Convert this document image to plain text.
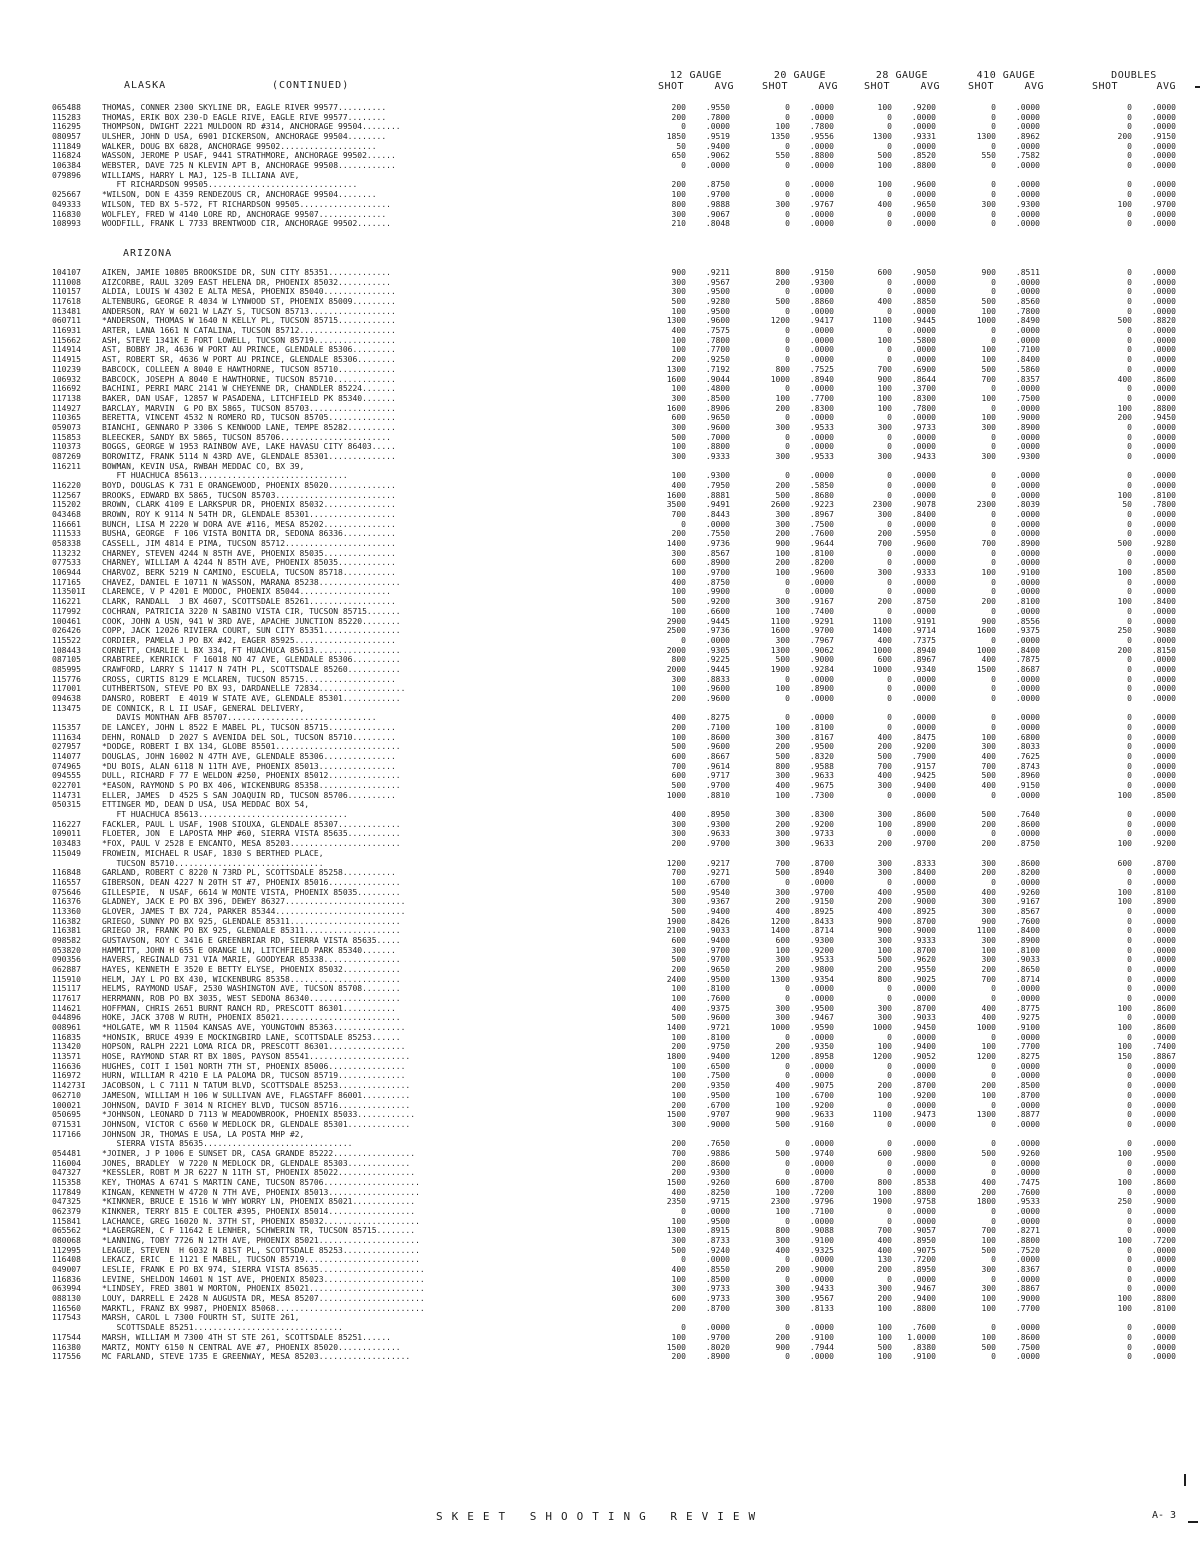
ALASKA	(CONTINUED)
12 GAUGE
SHOT	AVG
20 GAUGE
SHOT	AVG
28 GAUGE
SHOT	AVG
410 GAUGE
SHOT	AVG
DOUBLES
SHOT	AVG
065488	THOMAS, CONNER 2300 SKYLINE DR, EAGLE RIVER 99577..........	200	.9550	0	.0000	100	.9200	0	.0000	0	.0000
115283	THOMAS, ERIK BOX 230-D EAGLE RIVE, EAGLE RIVE 99577........	200	.7800	0	.0000	0	.0000	0	.0000	0	.0000
116295	THOMPSON, DWIGHT 2221 MULDOON RD #314, ANCHORAGE 99504........	0	.0000	100	.7800	0	.0000	0	.0000	0	.0000
080957	ULSHER, JOHN D USA, 6901 DICKERSON, ANCHORAGE 99504........	1850	.9519	1350	.9556	1300	.9331	1300	.8962	200	.9150
111849	WALKER, DOUG BX 6828, ANCHORAGE 99502....................	50	.9400	0	.0000	0	.0000	0	.0000	0	.0000
116824	WASSON, JEROME P USAF, 9441 STRATHMORE, ANCHORAGE 99502......	650	.9062	550	.8800	500	.8520	550	.7582	0	.0000
106384	WEBSTER, DAVE 725 N KLEVIN APT B, ANCHORAGE 99508............	0	.0000	0	.0000	100	.8800	0	.0000	0	.0000
079896	WILLIAMS, HARRY L MAJ, 125-B ILLIANA AVE,
FT RICHARDSON 99505...............................	200	.8750	0	.0000	100	.9600	0	.0000	0	.0000
025667	*WILSON, DON E 4359 RENDEZOUS CR, ANCHORAGE 99504........	100	.9700	0	.0000	0	.0000	0	.0000	0	.0000
049333	WILSON, TED BX 5-572, FT RICHARDSON 99505...................	800	.9888	300	.9767	400	.9650	300	.9300	100	.9700
116830	WOLFLEY, FRED W 4140 LORE RD, ANCHORAGE 99507..............	300	.9067	0	.0000	0	.0000	0	.0000	0	.0000
108993	WOODFILL, FRANK L 7733 BRENTWOOD CIR, ANCHORAGE 99502.......	210	.8048	0	.0000	0	.0000	0	.0000	0	.0000
ARIZONA
104107	AIKEN, JAMIE 10805 BROOKSIDE DR, SUN CITY 85351.............	900	.9211	800	.9150	600	.9050	900	.8511	0	.0000
111008	AIZCORBE, RAUL 3209 EAST HELENA DR, PHOENIX 85032...........	300	.9567	200	.9300	0	.0000	0	.0000	0	.0000
110157	ALDIA, LOUIS W 4302 E ALTA MESA, PHOENIX 85040...............	300	.9500	0	.0000	0	.0000	0	.0000	0	.0000
117618	ALTENBURG, GEORGE R 4034 W LYNWOOD ST, PHOENIX 85009.........	500	.9280	500	.8860	400	.8850	500	.8560	0	.0000
113481	ANDERSON, RAY W 6021 W LAZY S, TUCSON 85713..................	100	.9500	0	.0000	0	.0000	100	.7800	0	.0000
060711	*ANDERSON, THOMAS W 1640 N KELLY PL, TUCSON 85715............	1300	.9600	1200	.9417	1100	.9445	1000	.8490	500	.8820
116931	ARTER, LANA 1661 N CATALINA, TUCSON 85712....................	400	.7575	0	.0000	0	.0000	0	.0000	0	.0000
115662	ASH, STEVE 1341K E FORT LOWELL, TUCSON 85719.................	100	.7800	0	.0000	100	.5800	0	.0000	0	.0000
114914	AST, BOBBY JR, 4636 W PORT AU PRINCE, GLENDALE 85306.........	100	.7700	0	.0000	0	.0000	100	.7100	0	.0000
114915	AST, ROBERT SR, 4636 W PORT AU PRINCE, GLENDALE 85306........	200	.9250	0	.0000	0	.0000	100	.8400	0	.0000
110239	BABCOCK, COLLEEN A 8040 E HAWTHORNE, TUCSON 85710............	1300	.7192	800	.7525	700	.6900	500	.5860	0	.0000
106932	BABCOCK, JOSEPH A 8040 E HAWTHORNE, TUCSON 85710.............	1600	.9044	1000	.8940	900	.8644	700	.8357	400	.8600
116692	BACHINI, PERRI MARC 2141 W CHEYENNE DR, CHANDLER 85224.......	100	.4800	0	.0000	100	.3700	0	.0000	0	.0000
117138	BAKER, DAN USAF, 12857 W PASADENA, LITCHFIELD PK 85340.......	300	.8500	100	.7700	100	.8300	100	.7500	0	.0000
114927	BARCLAY, MARVIN  G PO BX 5865, TUCSON 85703..................	1600	.8906	200	.8300	100	.7800	0	.0000	100	.8800
110365	BERETTA, VINCENT 4532 N ROMERO RD, TUCSON 85705..............	600	.9650	0	.0000	0	.0000	100	.9000	200	.9450
059073	BIANCHI, GENNARO P 3306 S KENWOOD LANE, TEMPE 85282..........	300	.9600	300	.9533	300	.9733	300	.8900	0	.0000
115853	BLEECKER, SANDY BX 5865, TUCSON 85706.......................	500	.7000	0	.0000	0	.0000	0	.0000	0	.0000
110373	BOGGS, GEORGE W 1953 RAINBOW AVE, LAKE HAVASU CITY 86403.....	100	.8800	0	.0000	0	.0000	0	.0000	0	.0000
087269	BOROWITZ, FRANK 5114 N 43RD AVE, GLENDALE 85301..............	300	.9333	300	.9533	300	.9433	300	.9300	0	.0000
116211	BOWMAN, KEVIN USA, RWBAH MEDDAC CO, BX 39,
FT HUACHUCA 85613...............................	100	.9300	0	.0000	0	.0000	0	.0000	0	.0000
116220	BOYD, DOUGLAS K 731 E ORANGEWOOD, PHOENIX 85020..............	400	.7950	200	.5850	0	.0000	0	.0000	0	.0000
112567	BROOKS, EDWARD BX 5865, TUCSON 85703.........................	1600	.8881	500	.8680	0	.0000	0	.0000	100	.8100
115202	BROWN, CLARK 4109 E LARKSPUR DR, PHOENIX 85032...............	3500	.9491	2600	.9223	2300	.9078	2300	.8039	50	.7800
043468	BROWN, ROY K 9114 N 54TH DR, GLENDALE 85301..................	700	.8443	300	.8967	300	.8400	0	.0000	0	.0000
116661	BUNCH, LISA M 2220 W DORA AVE #116, MESA 85202...............	0	.0000	300	.7500	0	.0000	0	.0000	0	.0000
111533	BUSHA, GEORGE  F 106 VISTA BONITA DR, SEDONA 86336...........	200	.7550	200	.7600	200	.5950	0	.0000	0	.0000
058338	CASSELL, JIM 4814 E PIMA, TUCSON 85712.......................	1400	.9736	900	.9644	700	.9600	700	.8900	500	.9280
113232	CHARNEY, STEVEN 4244 N 85TH AVE, PHOENIX 85035...............	300	.8567	100	.8100	0	.0000	0	.0000	0	.0000
077533	CHARNEY, WILLIAM A 4244 N 85TH AVE, PHOENIX 85035............	600	.8900	200	.8200	0	.0000	0	.0000	0	.0000
106944	CHARVOZ, BERK 5219 N CAMINO, ESCUELA, TUCSON 85718...........	100	.9700	100	.9600	300	.9333	100	.9100	100	.8500
117165	CHAVEZ, DANIEL E 10711 N WASSON, MARANA 85238.................	400	.8750	0	.0000	0	.0000	0	.0000	0	.0000
113501I	CLARENCE, V P 4201 E MODOC, PHOENIX 85044...................	100	.9900	0	.0000	0	.0000	0	.0000	0	.0000
116221	CLARK, RANDALL  J BX 4607, SCOTTSDALE 85261..................	500	.9200	300	.9167	200	.8750	200	.8100	100	.8400
117992	COCHRAN, PATRICIA 3220 N SABINO VISTA CIR, TUCSON 85715.......	100	.6600	100	.7400	0	.0000	0	.0000	0	.0000
100461	COOK, JOHN A USN, 941 W 3RD AVE, APACHE JUNCTION 85220........	2900	.9445	1100	.9291	1100	.9191	900	.8556	0	.0000
026426	COPP, JACK 12026 RIVIERA COURT, SUN CITY 85351................	2500	.9736	1600	.9700	1400	.9714	1600	.9375	250	.9080
115522	CORDIER, PAMELA J PO BX #42, EAGER 85925.....................	0	.0000	300	.7967	400	.7375	0	.0000	0	.0000
108443	CORNETT, CHARLIE L BX 334, FT HUACHUCA 85613..................	2000	.9305	1300	.9062	1000	.8940	1000	.8400	200	.8150
087105	CRABTREE, KENRICK  F 16018 NO 47 AVE, GLENDALE 85306..........	800	.9225	500	.9000	600	.8967	400	.7875	0	.0000
085995	CRAWFORD, LARRY S 11417 N 74TH PL, SCOTTSDALE 85260...........	2000	.9445	1900	.9284	1000	.9340	1500	.8687	0	.0000
115776	CROSS, CURTIS 8129 E MCLAREN, TUCSON 85715...................	300	.8833	0	.0000	0	.0000	0	.0000	0	.0000
117001	CUTHBERTSON, STEVE PO BX 93, DARDANELLE 72834..................	100	.9600	100	.8900	0	.0000	0	.0000	0	.0000
094638	DANSRO, ROBERT  E 4019 W STATE AVE, GLENDALE 85301............	200	.9600	0	.0000	0	.0000	0	.0000	0	.0000
113475	DE CONNICK, R L II USAF, GENERAL DELIVERY,
DAVIS MONTHAN AFB 85707...............................	400	.8275	0	.0000	0	.0000	0	.0000	0	.0000
115357	DE LANCEY, JOHN L 8522 E MABEL PL, TUCSON 85715..............	200	.7100	100	.8100	0	.0000	0	.0000	0	.0000
111634	DEHN, RONALD  D 2027 S AVENIDA DEL SOL, TUCSON 85710.........	100	.8600	300	.8167	400	.8475	100	.6800	0	.0000
027957	*DODGE, ROBERT I BX 134, GLOBE 85501..........................	500	.9600	200	.9500	200	.9200	300	.8033	0	.0000
114077	DOUGLAS, JOHN 16002 N 47TH AVE, GLENDALE 85306...............	600	.8667	500	.8320	500	.7900	400	.7625	0	.0000
074965	*DU BOIS, ALAN 6118 N 11TH AVE, PHOENIX 85013................	700	.9614	800	.9588	700	.9157	700	.8743	0	.0000
094555	DULL, RICHARD F 77 E WELDON #250, PHOENIX 85012...............	600	.9717	300	.9633	400	.9425	500	.8960	0	.0000
022701	*EASON, RAYMOND S PO BX 406, WICKENBURG 85358.................	500	.9700	400	.9675	300	.9400	400	.9150	0	.0000
114731	ELLER, JAMES  D 4525 S SAN JOAQUIN RD, TUCSON 85706..........	1000	.8810	100	.7300	0	.0000	0	.0000	100	.8500
050315	ETTINGER MD, DEAN D USA, USA MEDDAC BOX 54,
FT HUACHUCA 85613...............................	400	.8950	300	.8300	300	.8600	500	.7640	0	.0000
116227	FACKLER, PAUL L USAF, 1908 SIOUXA, GLENDALE 85307.............	300	.9300	200	.9200	100	.8900	200	.8600	0	.0000
109011	FLOETER, JON  E LAPOSTA MHP #60, SIERRA VISTA 85635...........	300	.9633	300	.9733	0	.0000	0	.0000	0	.0000
103483	*FOX, PAUL V 2528 E ENCANTO, MESA 85203.......................	200	.9700	300	.9633	200	.9700	200	.8750	100	.9200
115049	FROWEIN, MICHAEL R USAF, 1830 S BERTHED PLACE,
TUCSON 85710...............................	1200	.9217	700	.8700	300	.8333	300	.8600	600	.8700
116848	GARLAND, ROBERT C 8220 N 73RD PL, SCOTTSDALE 85258...........	700	.9271	500	.8940	300	.8400	200	.8200	0	.0000
116557	GIBERSON, DEAN 4227 N 20TH ST #7, PHOENIX 85016...............	100	.6700	0	.0000	0	.0000	0	.0000	0	.0000
075646	GILLESPIE,  N USAF, 6614 W MONTE VISTA, PHOENIX 85035.........	500	.9540	300	.9700	400	.9500	400	.9260	100	.8100
116376	GLADNEY, JACK E PO BX 396, DEWEY 86327.........................	300	.9367	200	.9150	200	.9000	300	.9167	100	.8900
113360	GLOVER, JAMES T BX 724, PARKER 85344...........................	500	.9400	400	.8925	400	.8925	300	.8567	0	.0000
116382	GRIEGO, SUNNY PO BX 925, GLENDALE 85311.......................	1900	.8426	1200	.8433	900	.8700	900	.7600	0	.0000
116381	GRIEGO JR, FRANK PO BX 925, GLENDALE 85311....................	2100	.9033	1400	.8714	900	.9000	1100	.8400	0	.0000
098582	GUSTAVSON, ROY C 3416 E GREENBRIAR RD, SIERRA VISTA 85635.....	600	.9400	600	.9300	300	.9333	300	.8900	0	.0000
053820	HAMMITT, JOHN H 655 E ORANGE LN, LITCHFIELD PARK 85340.......	300	.9700	100	.9200	100	.8700	100	.8100	0	.0000
090356	HAVERS, REGINALD 731 VIA MARIE, GOODYEAR 85338................	500	.9700	300	.9533	500	.9620	300	.9033	0	.0000
062887	HAYES, KENNETH E 3520 E BETTY ELYSE, PHOENIX 85032............	200	.9650	200	.9800	200	.9550	200	.8650	0	.0000
115910	HELM, JAY L PO BX 430, WICKENBURG 85358.......................	2400	.9500	1300	.9354	800	.9025	700	.8714	0	.0000
115117	HELMS, RAYMOND USAF, 2530 WASHINGTON AVE, TUCSON 85708........	100	.8100	0	.0000	0	.0000	0	.0000	0	.0000
117617	HERRMANN, ROB PO BX 3035, WEST SEDONA 86340...................	100	.7600	0	.0000	0	.0000	0	.0000	0	.0000
114621	HOFFMAN, CHRIS 2651 BURNT RANCH RD, PRESCOTT 86301...........	400	.9375	300	.9500	300	.8700	400	.8775	100	.8600
044896	HOKE, JACK 3708 W RUTH, PHOENIX 85021.........................	500	.9600	300	.9467	300	.9033	400	.9275	0	.0000
008961	*HOLGATE, WM R 11504 KANSAS AVE, YOUNGTOWN 85363...............	1400	.9721	1000	.9590	1000	.9450	1000	.9100	100	.8600
116835	*HONSIK, BRUCE 4939 E MOCKINGBIRD LANE, SCOTTSDALE 85253......	100	.8100	0	.0000	0	.0000	0	.0000	0	.0000
113420	HOPSON, RALPH 2221 LOMA RICA DR, PRESCOTT 86301................	200	.9750	200	.9350	100	.9400	100	.7700	100	.7400
113571	HOSE, RAYMOND STAR RT BX 180S, PAYSON 85541.....................	1800	.9400	1200	.8958	1200	.9052	1200	.8275	150	.8867
116636	HUGHES, COIT I 1501 NORTH 7TH ST, PHOENIX 85006................	100	.6500	0	.0000	0	.0000	0	.0000	0	.0000
116972	HURN, WILLIAM R 4210 E LA PALOMA DR, TUCSON 85719..............	100	.7500	0	.0000	0	.0000	0	.0000	0	.0000
114273I	JACOBSON, L C 7111 N TATUM BLVD, SCOTTSDALE 85253...............	200	.9350	400	.9075	200	.8700	200	.8500	0	.0000
062710	JAMESON, WILLIAM H 106 W SULLIVAN AVE, FLAGSTAFF 86001..........	100	.9500	100	.6700	100	.9200	100	.8700	0	.0000
100021	JOHNSON, DAVID F 3014 N RICHEY BLVD, TUCSON 85716...............	200	.6700	100	.9200	0	.0000	0	.0000	0	.0000
050695	*JOHNSON, LEONARD D 7113 W MEADOWBROOK, PHOENIX 85033............	1500	.9707	900	.9633	1100	.9473	1300	.8877	0	.0000
071531	JOHNSON, VICTOR C 6560 W MEDLOCK DR, GLENDALE 85301.............	300	.9000	500	.9160	0	.0000	0	.0000	0	.0000
117166	JOHNSON JR, THOMAS E USA, LA POSTA MHP #2,
SIERRA VISTA 85635...............................	200	.7650	0	.0000	0	.0000	0	.0000	0	.0000
054481	*JOINER, J P 1006 E SUNSET DR, CASA GRANDE 85222.................	700	.9886	500	.9740	600	.9800	500	.9260	100	.9500
116004	JONES, BRADLEY  W 7220 N MEDLOCK DR, GLENDALE 85303.............	200	.8600	0	.0000	0	.0000	0	.0000	0	.0000
047327	*KESSLER, ROBT M JR 6227 N 11TH ST, PHOENIX 85022................	200	.9300	0	.0000	0	.0000	0	.0000	0	.0000
115358	KEY, THOMAS A 6741 S MARTIN CANE, TUCSON 85706....................	1500	.9260	600	.8700	800	.8538	400	.7475	100	.8600
117849	KINGAN, KENNETH W 4720 N 7TH AVE, PHOENIX 85013...................	400	.8250	100	.7200	100	.8800	200	.7600	0	.0000
047325	*KINKNER, BRUCE E 1516 W WHY WORRY LN, PHOENIX 85021.............	2350	.9715	2300	.9796	1900	.9758	1800	.9533	250	.9000
062379	KINKNER, TERRY 815 E COLTER #395, PHOENIX 85014..................	0	.0000	100	.7100	0	.0000	0	.0000	0	.0000
115841	LACHANCE, GREG 16020 N. 37TH ST, PHOENIX 85032....................	100	.9500	0	.0000	0	.0000	0	.0000	0	.0000
065562	*LAGERGREN, C F 11642 E LENHER, SCHWERIN TR, TUCSON 85715........	1300	.8915	800	.9088	700	.9057	700	.8271	0	.0000
080068	*LANNING, TOBY 7726 N 12TH AVE, PHOENIX 85021.....................	300	.8733	300	.9100	400	.8950	100	.8800	100	.7200
112995	LEAGUE, STEVEN  H 6032 N 81ST PL, SCOTTSDALE 85253................	500	.9240	400	.9325	400	.9075	500	.7520	0	.0000
116408	LEKACZ, ERIC  E 1121 E MABEL, TUCSON 85719........................	0	.0000	0	.0000	130	.7200	0	.0000	0	.0000
049007	LESLIE, FRANK E PO BX 974, SIERRA VISTA 85635......................	400	.8550	200	.9000	200	.8950	300	.8367	0	.0000
116836	LEVINE, SHELDON 14601 N 1ST AVE, PHOENIX 85023.....................	100	.8500	0	.0000	0	.0000	0	.0000	0	.0000
063994	*LINDSEY, FRED 3801 W MORTON, PHOENIX 85021........................	300	.9733	300	.9433	300	.9467	300	.8867	0	.0000
088130	LOUY, DARRELL E 2428 N AUGUSTA DR, MESA 85207......................	600	.9733	300	.9567	200	.9400	100	.9000	100	.8800
116560	MARKTL, FRANZ BX 9987, PHOENIX 85068...............................	200	.8700	300	.8133	100	.8800	100	.7700	100	.8100
117543	MARSH, CAROL L 7300 FOURTH ST, SUITE 261,
SCOTTSDALE 85251...............................	0	.0000	0	.0000	100	.7600	0	.0000	0	.0000
117544	MARSH, WILLIAM M 7300 4TH ST STE 261, SCOTTSDALE 85251......	100	.9700	200	.9100	100	1.0000	100	.8600	0	.0000
116380	MARTZ, MONTY 6150 N CENTRAL AVE #7, PHOENIX 85020.............	1500	.8020	900	.7944	500	.8380	500	.7500	0	.0000
117556	MC FARLAND, STEVE 1735 E GREENWAY, MESA 85203...................	200	.8900	0	.0000	100	.9100	0	.0000	0	.0000
SKEET SHOOTING REVIEW	A- 3
